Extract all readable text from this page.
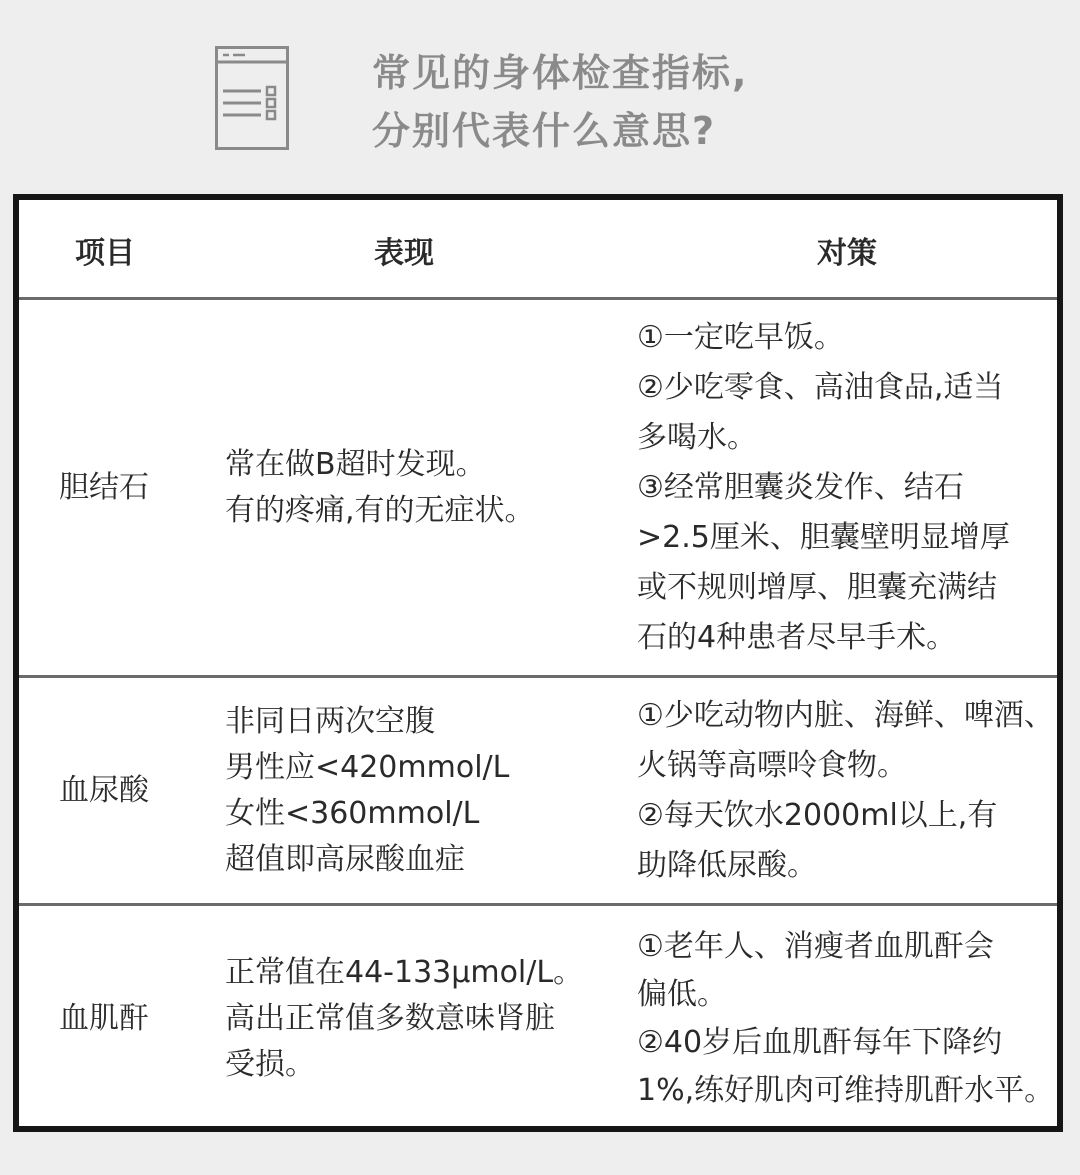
常见的身体检查指标,
分别代表什么意思?
项目	表现	对策
胆结石
常在做B超时发现。
有的疼痛,有的无症状。
①一定吃早饭。
②少吃零食、高油食品,适当
多喝水。
③经常胆囊炎发作、结石
>2.5厘米、胆囊壁明显增厚
或不规则增厚、胆囊充满结
石的4种患者尽早手术。
血尿酸
非同日两次空腹
男性应<420mmol/L
女性<360mmol/L
超值即高尿酸血症
①少吃动物内脏、海鲜、啤酒、
火锅等高嘌呤食物。
②每天饮水2000ml以上,有
助降低尿酸。
血肌酐
正常值在44-133μmol/L。
高出正常值多数意味肾脏
受损。
①老年人、消瘦者血肌酐会
偏低。
②40岁后血肌酐每年下降约
1%,练好肌肉可维持肌酐水平。
